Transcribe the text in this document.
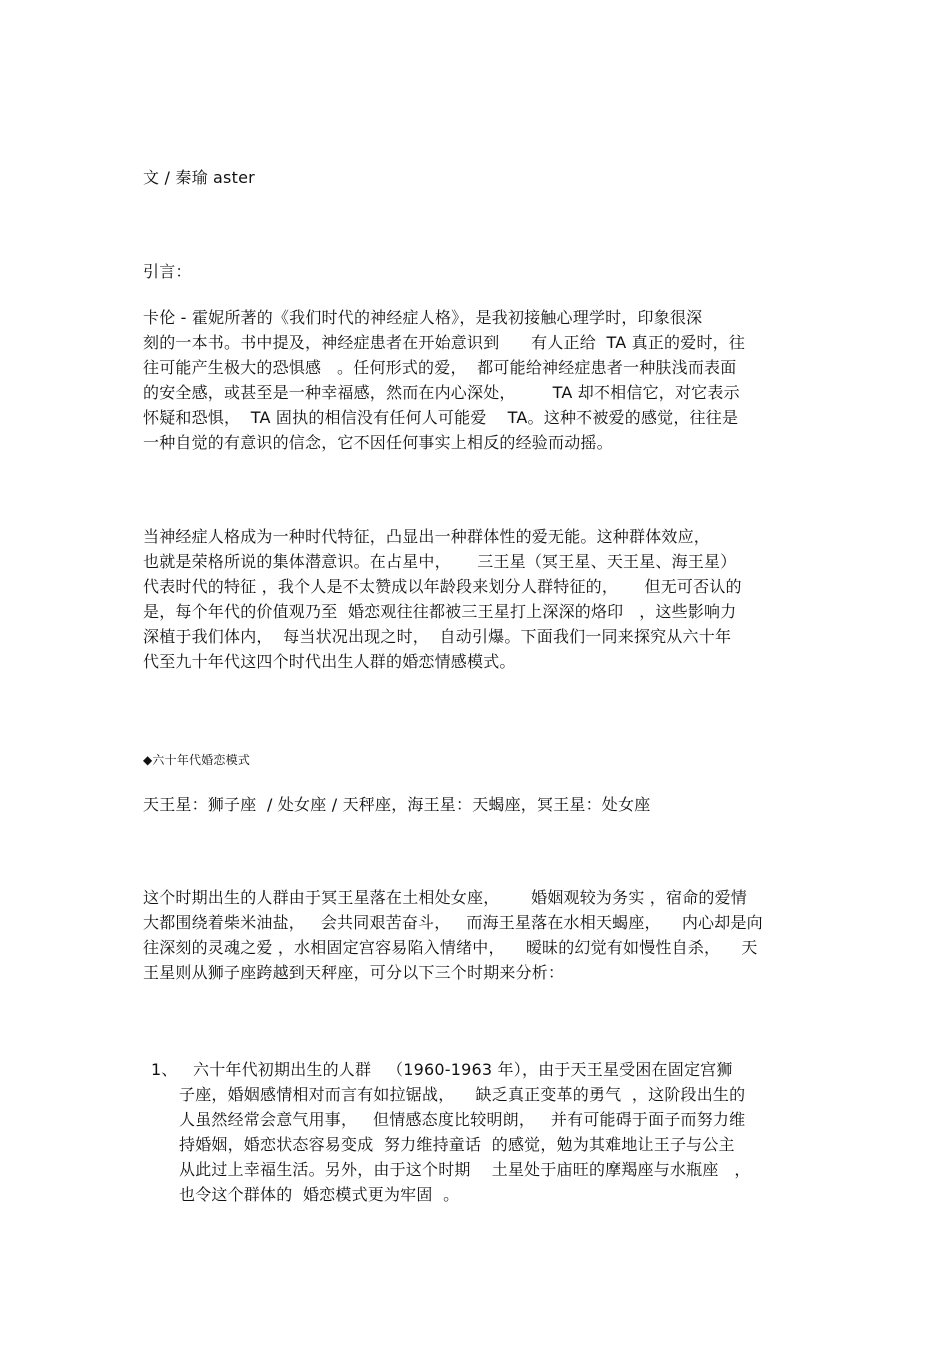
文 / 秦瑜 aster
引言：
卡伦 - 霍妮所著的《我们时代的神经症人格》，是我初接触心理学时，印象很深
刻的一本书。书中提及，神经症患者在开始意识到      有人正给  TA 真正的爱时，往
往可能产生极大的恐惧感   。任何形式的爱，  都可能给神经症患者一种肤浅而表面
的安全感，或甚至是一种幸福感，然而在内心深处，       TA 却不相信它，对它表示
怀疑和恐惧，  TA 固执的相信没有任何人可能爱    TA。这种不被爱的感觉，往往是
一种自觉的有意识的信念，它不因任何事实上相反的经验而动摇。
当神经症人格成为一种时代特征，凸显出一种群体性的爱无能。这种群体效应，
也就是荣格所说的集体潜意识。在占星中，     三王星（冥王星、天王星、海王星）
代表时代的特征 ，我个人是不太赞成以年龄段来划分人群特征的，     但无可否认的
是，每个年代的价值观乃至  婚恋观往往都被三王星打上深深的烙印   ，这些影响力
深植于我们体内，  每当状况出现之时，  自动引爆。下面我们一同来探究从六十年
代至九十年代这四个时代出生人群的婚恋情感模式。
◆六十年代婚恋模式
天王星：狮子座  / 处女座 / 天秤座，海王星：天蝎座，冥王星：处女座
这个时期出生的人群由于冥王星落在土相处女座，      婚姻观较为务实 ，宿命的爱情
大都围绕着柴米油盐，   会共同艰苦奋斗，   而海王星落在水相天蝎座，    内心却是向
往深刻的灵魂之爱 ，水相固定宫容易陷入情绪中，    暧昧的幻觉有如慢性自杀，    天
王星则从狮子座跨越到天秤座，可分以下三个时期来分析：
1、 六十年代初期出生的人群   （1960-1963 年），由于天王星受困在固定宫狮
子座，婚姻感情相对而言有如拉锯战，    缺乏真正变革的勇气  ，这阶段出生的
人虽然经常会意气用事，   但情感态度比较明朗，   并有可能碍于面子而努力维
持婚姻，婚恋状态容易变成  努力维持童话  的感觉，勉为其难地让王子与公主
从此过上幸福生活。另外，由于这个时期    土星处于庙旺的摩羯座与水瓶座   ，
也令这个群体的  婚恋模式更为牢固  。
